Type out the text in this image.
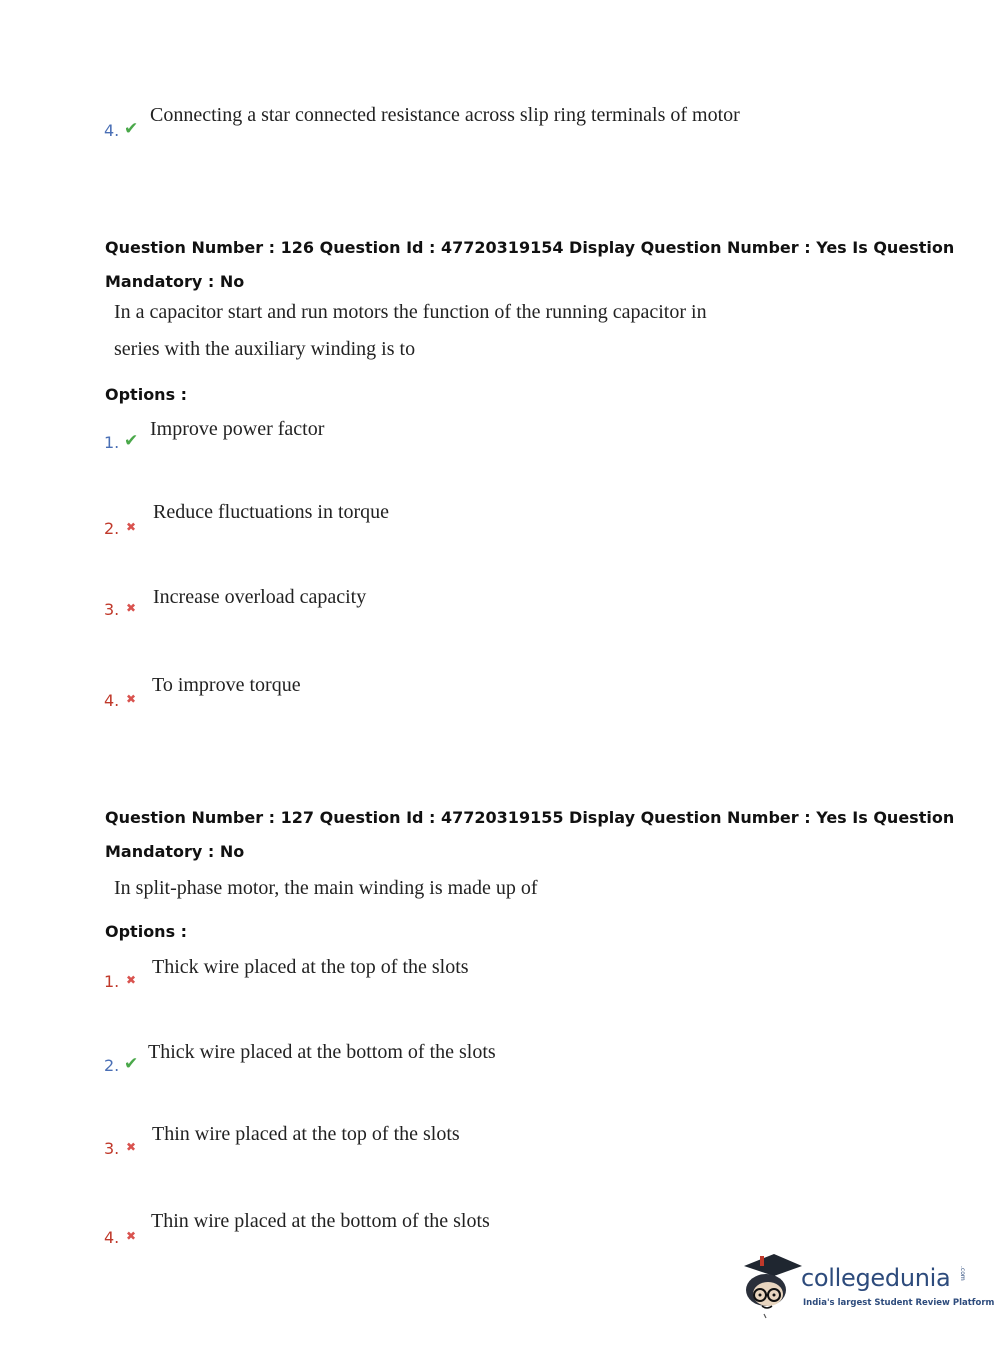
4. ✔
Connecting a star connected resistance across slip ring terminals of motor
Question Number : 126 Question Id : 47720319154 Display Question Number : Yes Is Question
Mandatory : No
In a capacitor start and run motors the function of the running capacitor in
series with the auxiliary winding is to
Options :
1. ✔
Improve power factor
2. ✖
Reduce fluctuations in torque
3. ✖ Increase overload capacity
4. ✖
To improve torque
Question Number : 127 Question Id : 47720319155 Display Question Number : Yes Is Question
Mandatory : No
In split-phase motor, the main winding is made up of
Options :
1. ✖
Thick wire placed at the top of the slots
2. ✔
Thick wire placed at the bottom of the slots
3. ✖
Thin wire placed at the top of the slots
4. ✖
Thin wire placed at the bottom of the slots
collegedunia .com
India's largest Student Review Platform
